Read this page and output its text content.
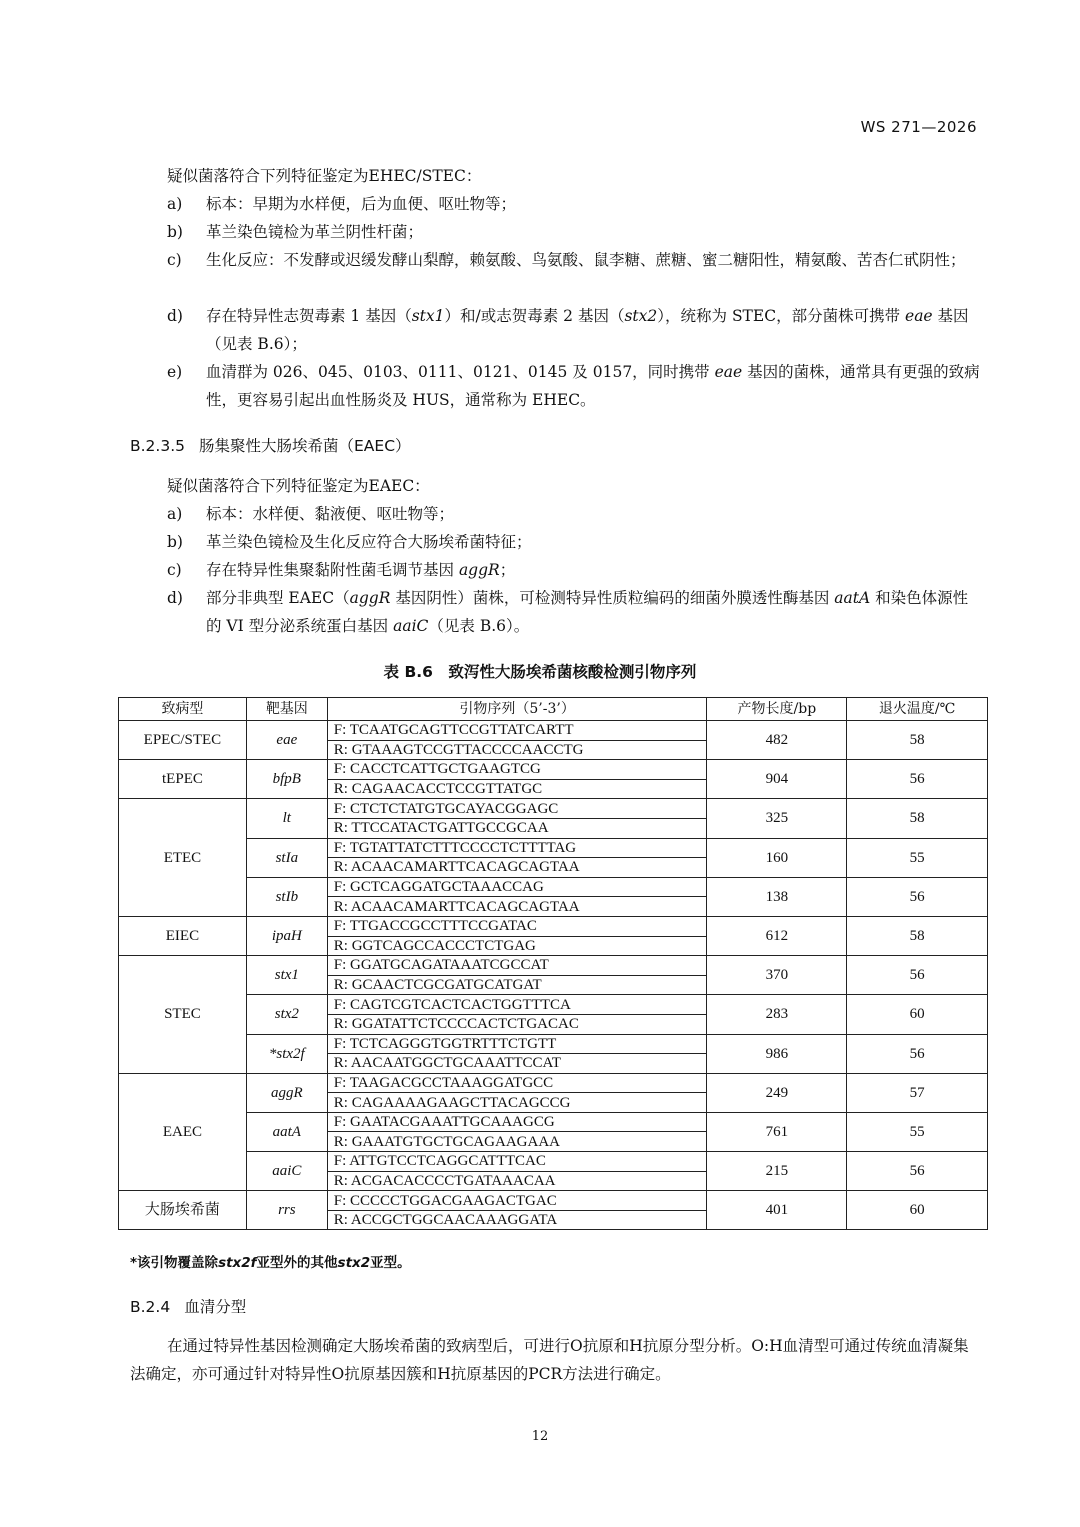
WS 271—2026
疑似菌落符合下列特征鉴定为EHEC/STEC：
a) 标本：早期为水样便，后为血便、呕吐物等；
b) 革兰染色镜检为革兰阴性杆菌；
c) 生化反应：不发酵或迟缓发酵山梨醇，赖氨酸、鸟氨酸、鼠李糖、蔗糖、蜜二糖阳性，精氨酸、苦杏仁甙阴性；
d) 存在特异性志贺毒素 1 基因（stx1）和/或志贺毒素 2 基因（stx2），统称为 STEC，部分菌株可携带 eae 基因（见表 B.6）；
e) 血清群为 026、045、0103、0111、0121、0145 及 0157，同时携带 eae 基因的菌株，通常具有更强的致病性，更容易引起出血性肠炎及 HUS，通常称为 EHEC。
B.2.3.5 肠集聚性大肠埃希菌（EAEC）
疑似菌落符合下列特征鉴定为EAEC：
a) 标本：水样便、黏液便、呕吐物等；
b) 革兰染色镜检及生化反应符合大肠埃希菌特征；
c) 存在特异性集聚黏附性菌毛调节基因 aggR；
d) 部分非典型 EAEC（aggR 基因阴性）菌株，可检测特异性质粒编码的细菌外膜透性酶基因 aatA 和染色体源性的 VI 型分泌系统蛋白基因 aaiC（见表 B.6）。
表 B.6　致泻性大肠埃希菌核酸检测引物序列
致病型	靶基因	引物序列（5’-3’）	产物长度/bp	退火温度/℃
EPEC/STEC	eae	F: TCAATGCAGTTCCGTTATCARTT	482	58
		R: GTAAAGTCCGTTACCCCAACCTG		
tEPEC	bfpB	F: CACCTCATTGCTGAAGTCG	904	56
		R: CAGAACACCTCCGTTATGC		
ETEC	lt	F: CTCTCTATGTGCAYACGGAGC	325	58
		R: TTCCATACTGATTGCCGCAA		
	stIa	F: TGTATTATCTTTCCCCTCTTTTAG	160	55
		R: ACAACAMARTTCACAGCAGTAA		
	stIb	F: GCTCAGGATGCTAAACCAG	138	56
		R: ACAACAMARTTCACAGCAGTAA		
EIEC	ipaH	F: TTGACCGCCTTTCCGATAC	612	58
		R: GGTCAGCCACCCTCTGAG		
STEC	stx1	F: GGATGCAGATAAATCGCCAT	370	56
		R: GCAACTCGCGATGCATGAT		
	stx2	F: CAGTCGTCACTCACTGGTTTCA	283	60
		R: GGATATTCTCCCCACTCTGACAC		
	*stx2f	F: TCTCAGGGTGGTRTTTCTGTT	986	56
		R: AACAATGGCTGCAAATTCCAT		
EAEC	aggR	F: TAAGACGCCTAAAGGATGCC	249	57
		R: CAGAAAAGAAGCTTACAGCCG		
	aatA	F: GAATACGAAATTGCAAAGCG	761	55
		R: GAAATGTGCTGCAGAAGAAA		
	aaiC	F: ATTGTCCTCAGGCATTTCAC	215	56
		R: ACGACACCCCTGATAAACAA		
大肠埃希菌	rrs	F: CCCCCTGGACGAAGACTGAC	401	60
		R: ACCGCTGGCAACAAAGGATA		
*该引物覆盖除stx2f亚型外的其他stx2亚型。
B.2.4 血清分型
在通过特异性基因检测确定大肠埃希菌的致病型后，可进行O抗原和H抗原分型分析。O:H血清型可通过传统血清凝集法确定，亦可通过针对特异性O抗原基因簇和H抗原基因的PCR方法进行确定。
12
